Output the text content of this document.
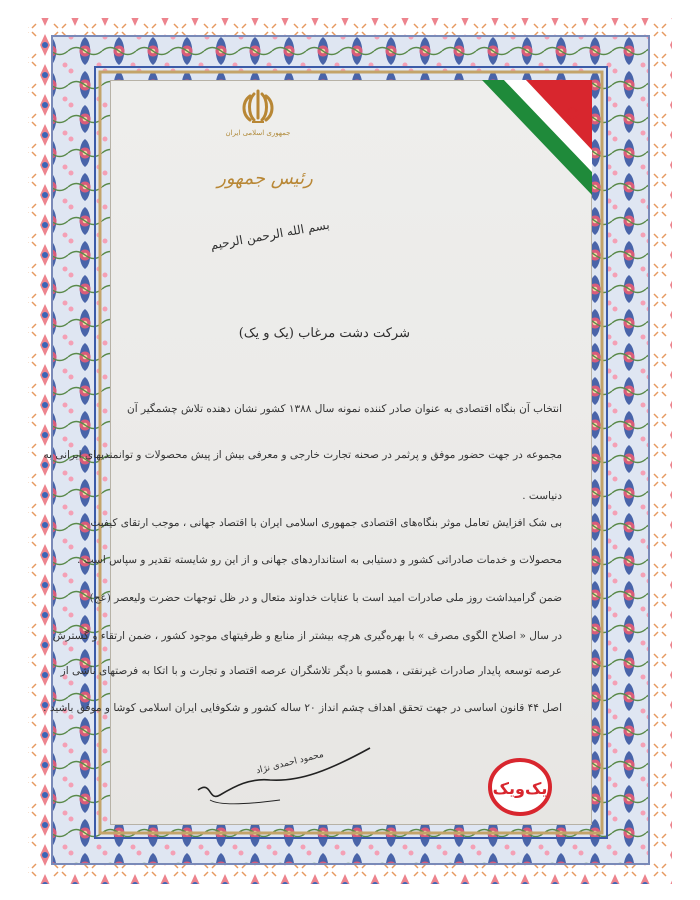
☫
جمهوری اسلامی ایران
رئیس جمهور
بسم الله الرحمن الرحیم
شرکت دشت مرغاب (یک و یک)
انتخاب آن بنگاه اقتصادی به عنوان صادر کننده نمونه سال ۱۳۸۸ کشور نشان دهنده تلاش چشمگیر آن
مجموعه در جهت حضور موفق و پرثمر در صحنه تجارت خارجی و معرفی بیش از پیش محصولات و توانمندیهای ایرانی به
دنیاست .
بی شک افزایش تعامل موثر بنگاه‌های اقتصادی جمهوری اسلامی ایران با اقتصاد جهانی ، موجب ارتقای کیفیت
محصولات و خدمات صادراتی کشور و دستیابی به استانداردهای جهانی و از این رو شایسته تقدیر و سپاس است .
ضمن گرامیداشت روز ملی صادرات امید است با عنایات خداوند متعال و در ظل توجهات حضرت ولیعصر (عج)
در سال « اصلاح الگوی مصرف » با بهره‌گیری هرچه بیشتر از منابع و ظرفیتهای موجود کشور ، ضمن ارتقاء و گسترش
عرصه توسعه پایدار صادرات غیرنفتی ، همسو با دیگر تلاشگران عرصه اقتصاد و تجارت و با اتکا به فرصتهای ناشی از
اصل ۴۴ قانون اساسی در جهت تحقق اهداف چشم انداز ۲۰ ساله کشور و شکوفایی ایران اسلامی کوشا و موفق باشید .
محمود احمدی نژاد
یک‌و‌یک
